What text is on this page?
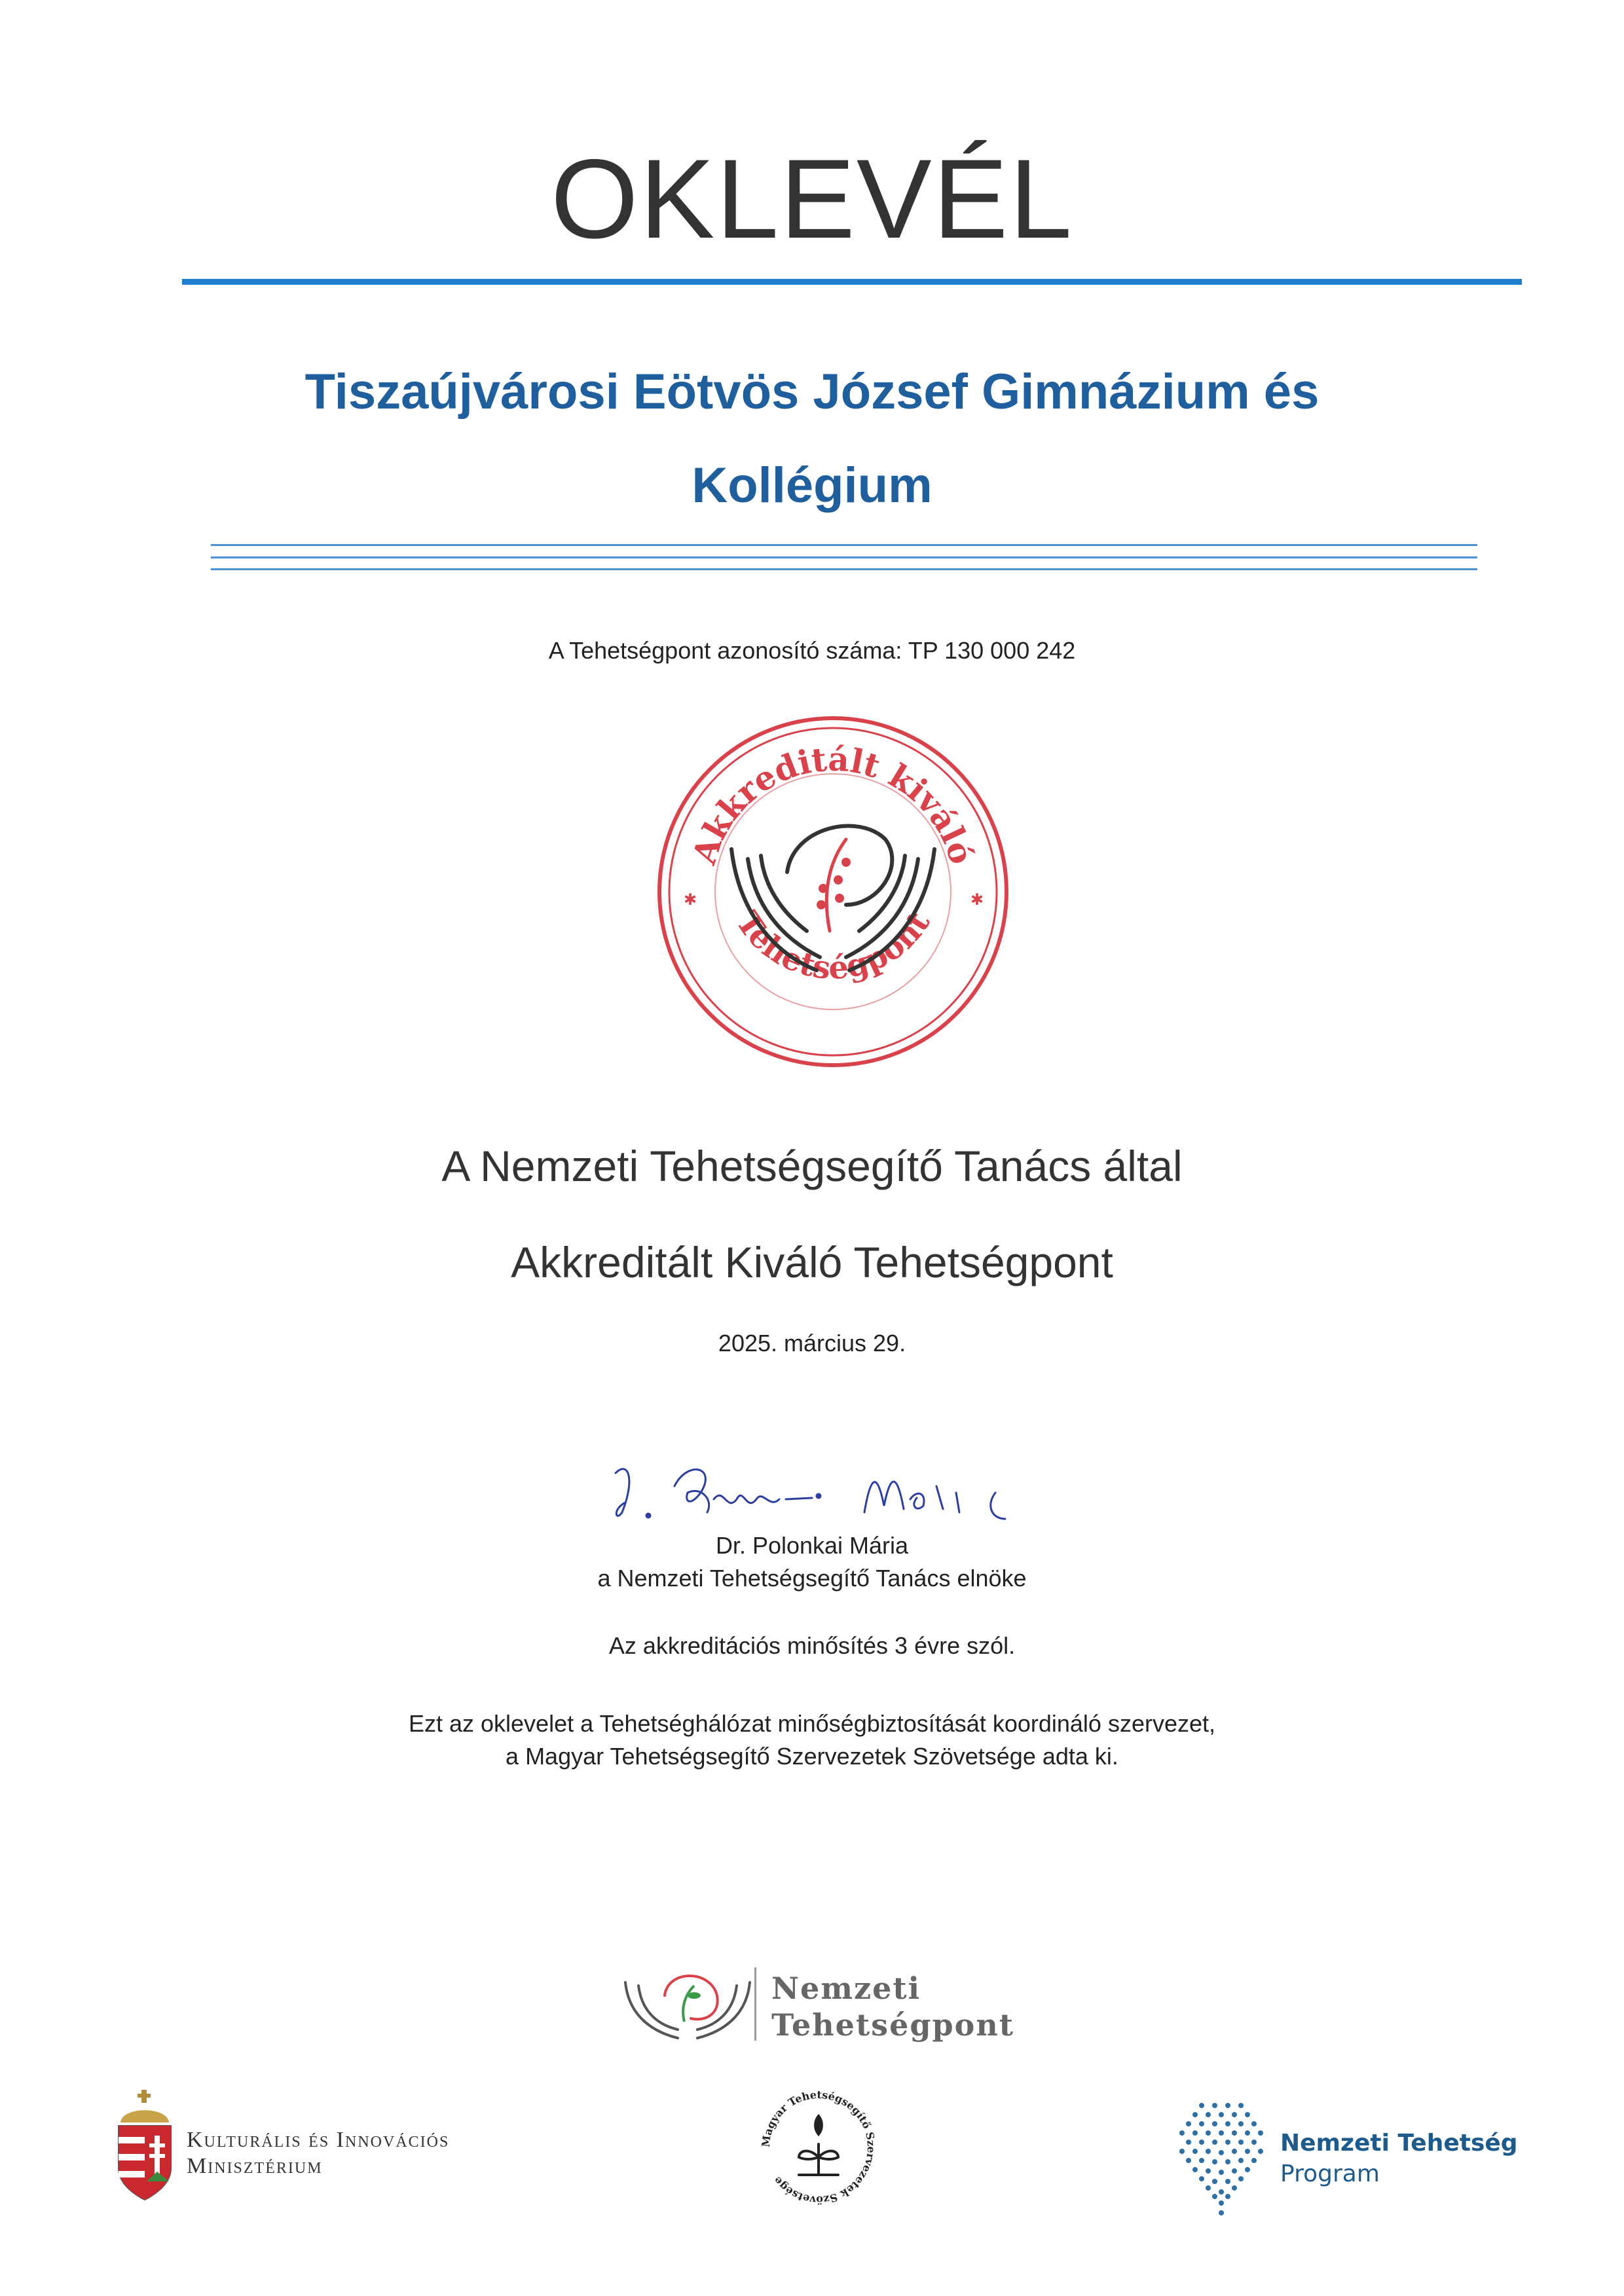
OKLEVÉL
Tiszaújvárosi Eötvös József Gimnázium és
Kollégium
A Tehetségpont azonosító száma: TP 130 000 242
Akkreditált kiváló
Tehetségpont
✱	✱
A Nemzeti Tehetségsegítő Tanács által
Akkreditált Kiváló Tehetségpont
2025. március 29.
Dr. Polonkai Mária
a Nemzeti Tehetségsegítő Tanács elnöke
Az akkreditációs minősítés 3 évre szól.
Ezt az oklevelet a Tehetséghálózat minőségbiztosítását koordináló szervezet,
a Magyar Tehetségsegítő Szervezetek Szövetsége adta ki.
Nemzeti
Tehetségpont
Kulturális és Innovációs
Minisztérium
Magyar Tehetségsegítő Szervezetek Szövetsége
Nemzeti Tehetség
Program
